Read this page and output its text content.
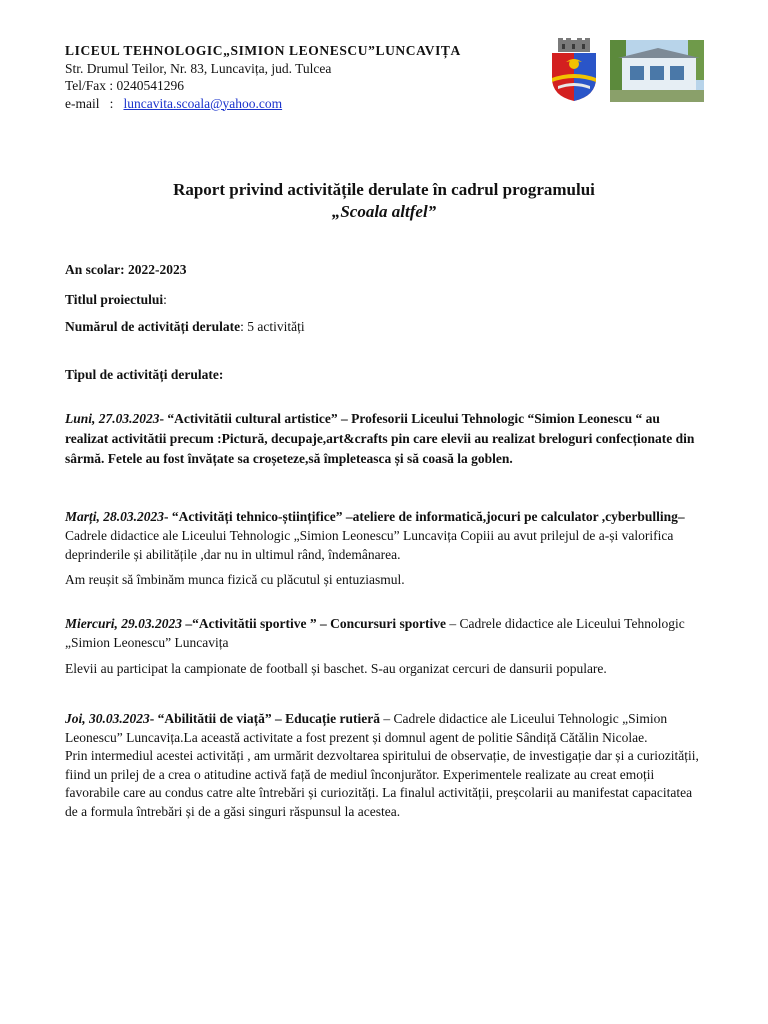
LICEUL TEHNOLOGIC„SIMION LEONESCU”LUNCAVIȚA
Str. Drumul Teilor, Nr. 83, Luncavița, jud. Tulcea
Tel/Fax : 0240541296
e-mail   :   luncavita.scoala@yahoo.com
Raport privind activitățile derulate în cadrul programului
„Scoala altfel”
An scolar: 2022-2023
Titlul proiectului:
Numărul de activități derulate: 5 activități
Tipul de activități derulate:

Luni, 27.03.2023- “Activitătii cultural artistice” – Profesorii Liceului Tehnologic “Simion Leonescu “ au realizat activitătii precum :Pictură, decupaje,art&crafts pin care elevii au realizat breloguri confecționate din sârmă. Fetele au fost învățate sa croșeteze,să împleteasca și să coasă la goblen.

Marți, 28.03.2023- “Activități tehnico-științifice” –ateliere de informatică,jocuri pe calculator ,cyberbulling– Cadrele didactice ale Liceului Tehnologic „Simion Leonescu” Luncavița Copiii au avut prilejul de a-și valorifica deprinderile și abilitățile ,dar nu in ultimul rând, îndemânarea.

Am reușit să îmbinăm munca fizică cu plăcutul și entuziasmul.

Miercuri, 29.03.2023 –“Activitătii sportive ” – Concursuri sportive – Cadrele didactice ale Liceului Tehnologic „Simion Leonescu” Luncavița

Elevii au participat la campionate de football și baschet. S-au organizat cercuri de dansurii populare.

Joi, 30.03.2023- “Abilitătii de viață” – Educație rutieră – Cadrele didactice ale Liceului Tehnologic „Simion Leonescu” Luncavița.La această activitate a fost prezent și domnul agent de politie Sândiță Cătălin Nicolae.

Prin intermediul acestei activități , am urmărit dezvoltarea spiritului de observație, de investigație dar și a curiozității, fiind un prilej de a crea o atitudine activă față de mediul înconjurător. Experimentele realizate au creat emoții favorabile care au condus catre alte întrebări și curiozități. La finalul activității, preșcolarii au manifestat capacitatea de a formula întrebări și de a găsi singuri răspunsul la acestea.
